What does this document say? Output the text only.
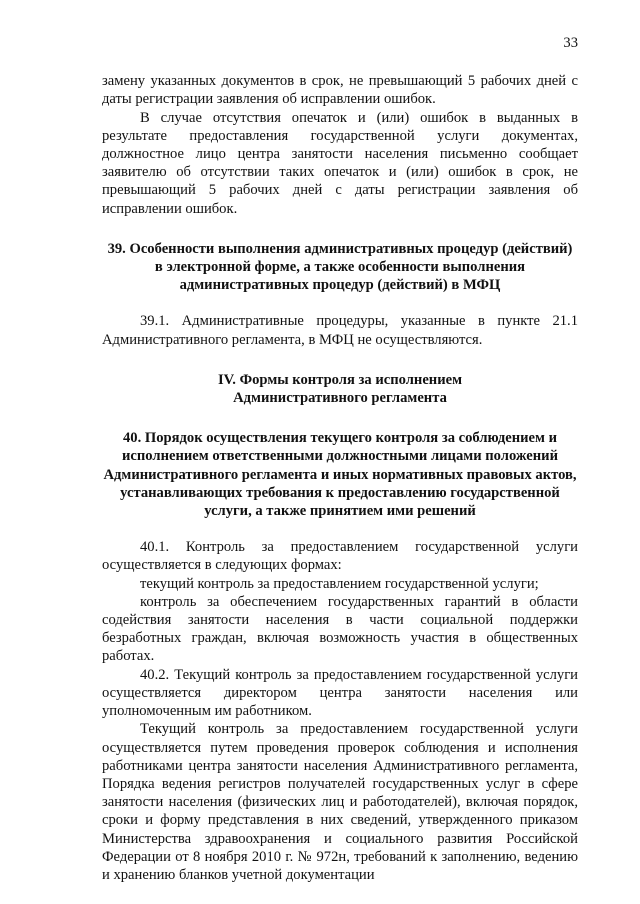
33

замену указанных документов в срок, не превышающий 5 рабочих дней с даты регистрации заявления об исправлении ошибок.

В случае отсутствия опечаток и (или) ошибок в выданных в результате предоставления государственной услуги документах, должностное лицо центра занятости населения письменно сообщает заявителю об отсутствии таких опечаток и (или) ошибок в срок, не превышающий 5 рабочих дней с даты регистрации заявления об исправлении ошибок.

39. Особенности выполнения административных процедур (действий) в электронной форме, а также особенности выполнения административных процедур (действий) в МФЦ

39.1. Административные процедуры, указанные в пункте 21.1 Административного регламента, в МФЦ не осуществляются.

IV. Формы контроля за исполнением
Административного регламента
40. Порядок осуществления текущего контроля за соблюдением и исполнением ответственными должностными лицами положений Административного регламента и иных нормативных правовых актов, устанавливающих требования к предоставлению государственной услуги, а также принятием ими решений

40.1. Контроль за предоставлением государственной услуги осуществляется в следующих формах:

текущий контроль за предоставлением государственной услуги;

контроль за обеспечением государственных гарантий в области содействия занятости населения в части социальной поддержки безработных граждан, включая возможность участия в общественных работах.

40.2. Текущий контроль за предоставлением государственной услуги осуществляется директором центра занятости населения или уполномоченным им работником.

Текущий контроль за предоставлением государственной услуги осуществляется путем проведения проверок соблюдения и исполнения работниками центра занятости населения Административного регламента, Порядка ведения регистров получателей государственных услуг в сфере занятости населения (физических лиц и работодателей), включая порядок, сроки и форму представления в них сведений, утвержденного приказом Министерства здравоохранения и социального развития Российской Федерации от 8 ноября 2010 г. № 972н, требований к заполнению, ведению и хранению бланков учетной документации
